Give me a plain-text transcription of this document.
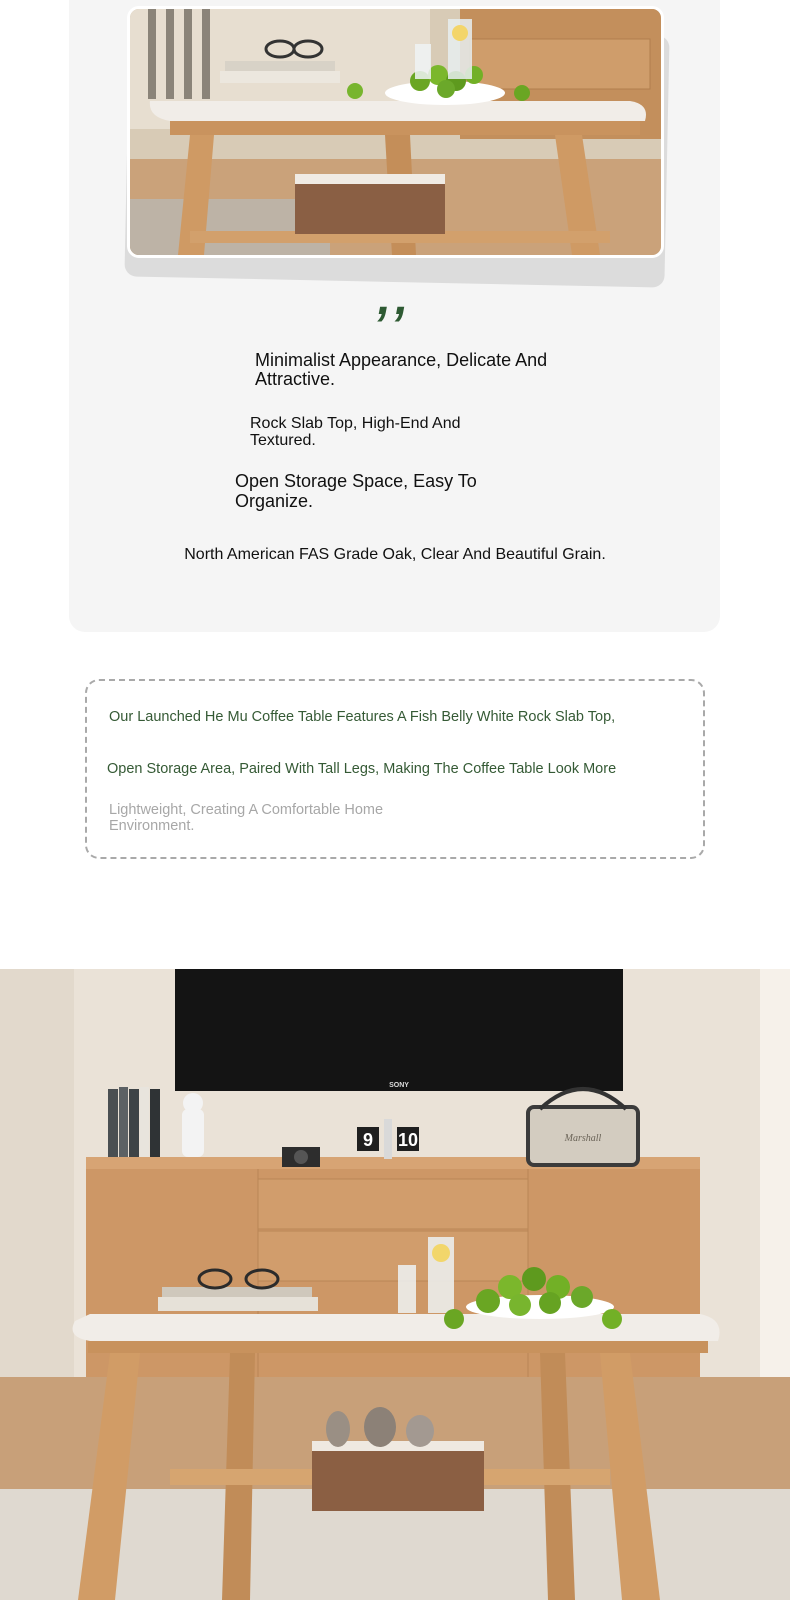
,,
Minimalist Appearance, Delicate And Attractive.
Rock Slab Top, High-End And Textured.
Open Storage Space, Easy To Organize.
North American FAS Grade Oak, Clear And Beautiful Grain.
Our Launched He Mu Coffee Table Features A Fish Belly White Rock Slab Top,
Open Storage Area, Paired With Tall Legs, Making The Coffee Table Look More
Lightweight, Creating A Comfortable Home Environment.
SONY
9 10	Marshall
